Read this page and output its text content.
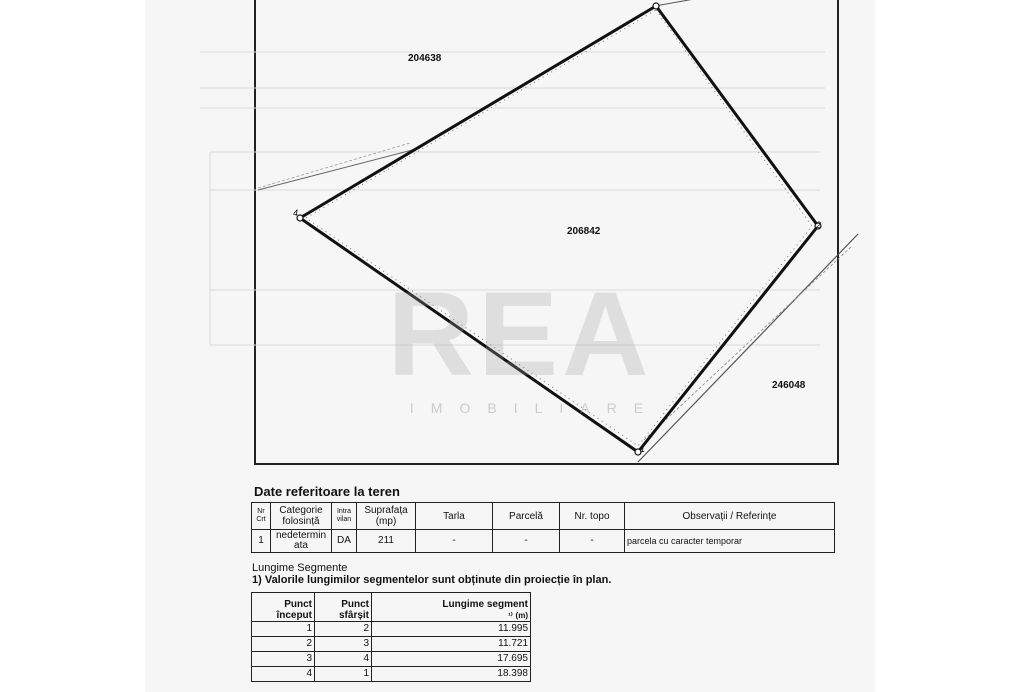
REA
IMOBILIARE
204638
206842
246048
4
2
1
Date referitoare la teren
Nr Crt	Categorie folosință	Intra vilan	Suprafața (mp)	Tarla	Parcelă	Nr. topo	Observații / Referințe
1	nedetermin ata	DA	211	-	-	-	parcela cu caracter temporar
Lungime Segmente
1) Valorile lungimilor segmentelor sunt obținute din proiecție în plan.
Punct început	Punct sfârșit	Lungime segment
¹⁾ (m)
1	2	11.995
2	3	11.721
3	4	17.695
4	1	18.398
